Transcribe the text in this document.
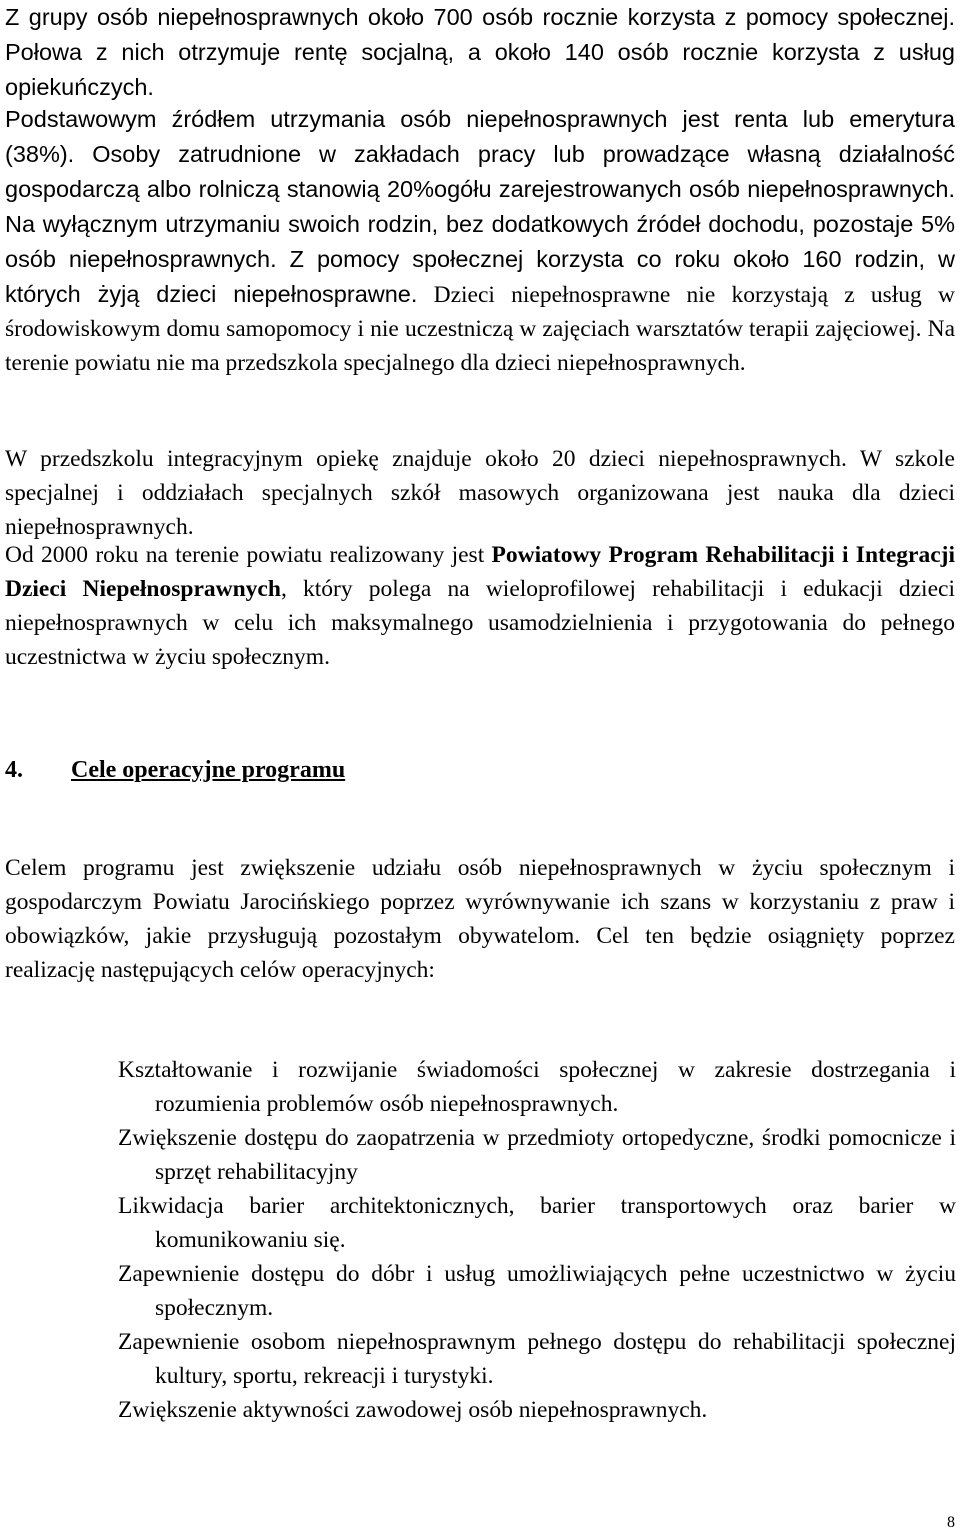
Z grupy osób niepełnosprawnych około 700 osób rocznie korzysta z pomocy społecznej. Połowa z nich otrzymuje rentę socjalną, a około 140 osób rocznie korzysta z usług opiekuńczych.

Podstawowym źródłem utrzymania osób niepełnosprawnych jest renta lub emerytura (38%). Osoby zatrudnione w zakładach pracy lub prowadzące własną działalność gospodarczą albo rolniczą stanowią 20%ogółu zarejestrowanych osób niepełnosprawnych. Na wyłącznym utrzymaniu swoich rodzin, bez dodatkowych źródeł dochodu, pozostaje 5% osób niepełnosprawnych. Z pomocy społecznej korzysta co roku około 160 rodzin, w których żyją dzieci niepełnosprawne. Dzieci niepełnosprawne nie korzystają z usług w środowiskowym domu samopomocy i nie uczestniczą w zajęciach warsztatów terapii zajęciowej. Na terenie powiatu nie ma przedszkola specjalnego dla dzieci niepełnosprawnych.

W przedszkolu integracyjnym opiekę znajduje około 20 dzieci niepełnosprawnych. W szkole specjalnej i oddziałach specjalnych szkół masowych organizowana jest nauka dla dzieci niepełnosprawnych.

Od 2000 roku na terenie powiatu realizowany jest Powiatowy Program Rehabilitacji i Integracji Dzieci Niepełnosprawnych, który polega na wieloprofilowej rehabilitacji i edukacji dzieci niepełnosprawnych w celu ich maksymalnego usamodzielnienia i przygotowania do pełnego uczestnictwa w życiu społecznym.

4. Cele operacyjne programu

Celem programu jest zwiększenie udziału osób niepełnosprawnych w życiu społecznym i gospodarczym Powiatu Jarocińskiego poprzez wyrównywanie ich szans w korzystaniu z praw i obowiązków, jakie przysługują pozostałym obywatelom. Cel ten będzie osiągnięty poprzez realizację następujących celów operacyjnych:

Kształtowanie i rozwijanie świadomości społecznej w zakresie dostrzegania i rozumienia problemów osób niepełnosprawnych.
Zwiększenie dostępu do zaopatrzenia w przedmioty ortopedyczne, środki pomocnicze i sprzęt rehabilitacyjny
Likwidacja barier architektonicznych, barier transportowych oraz barier w komunikowaniu się.
Zapewnienie dostępu do dóbr i usług umożliwiających pełne uczestnictwo w życiu społecznym.
Zapewnienie osobom niepełnosprawnym pełnego dostępu do rehabilitacji społecznej kultury, sportu, rekreacji i turystyki.
Zwiększenie aktywności zawodowej osób niepełnosprawnych.
8
